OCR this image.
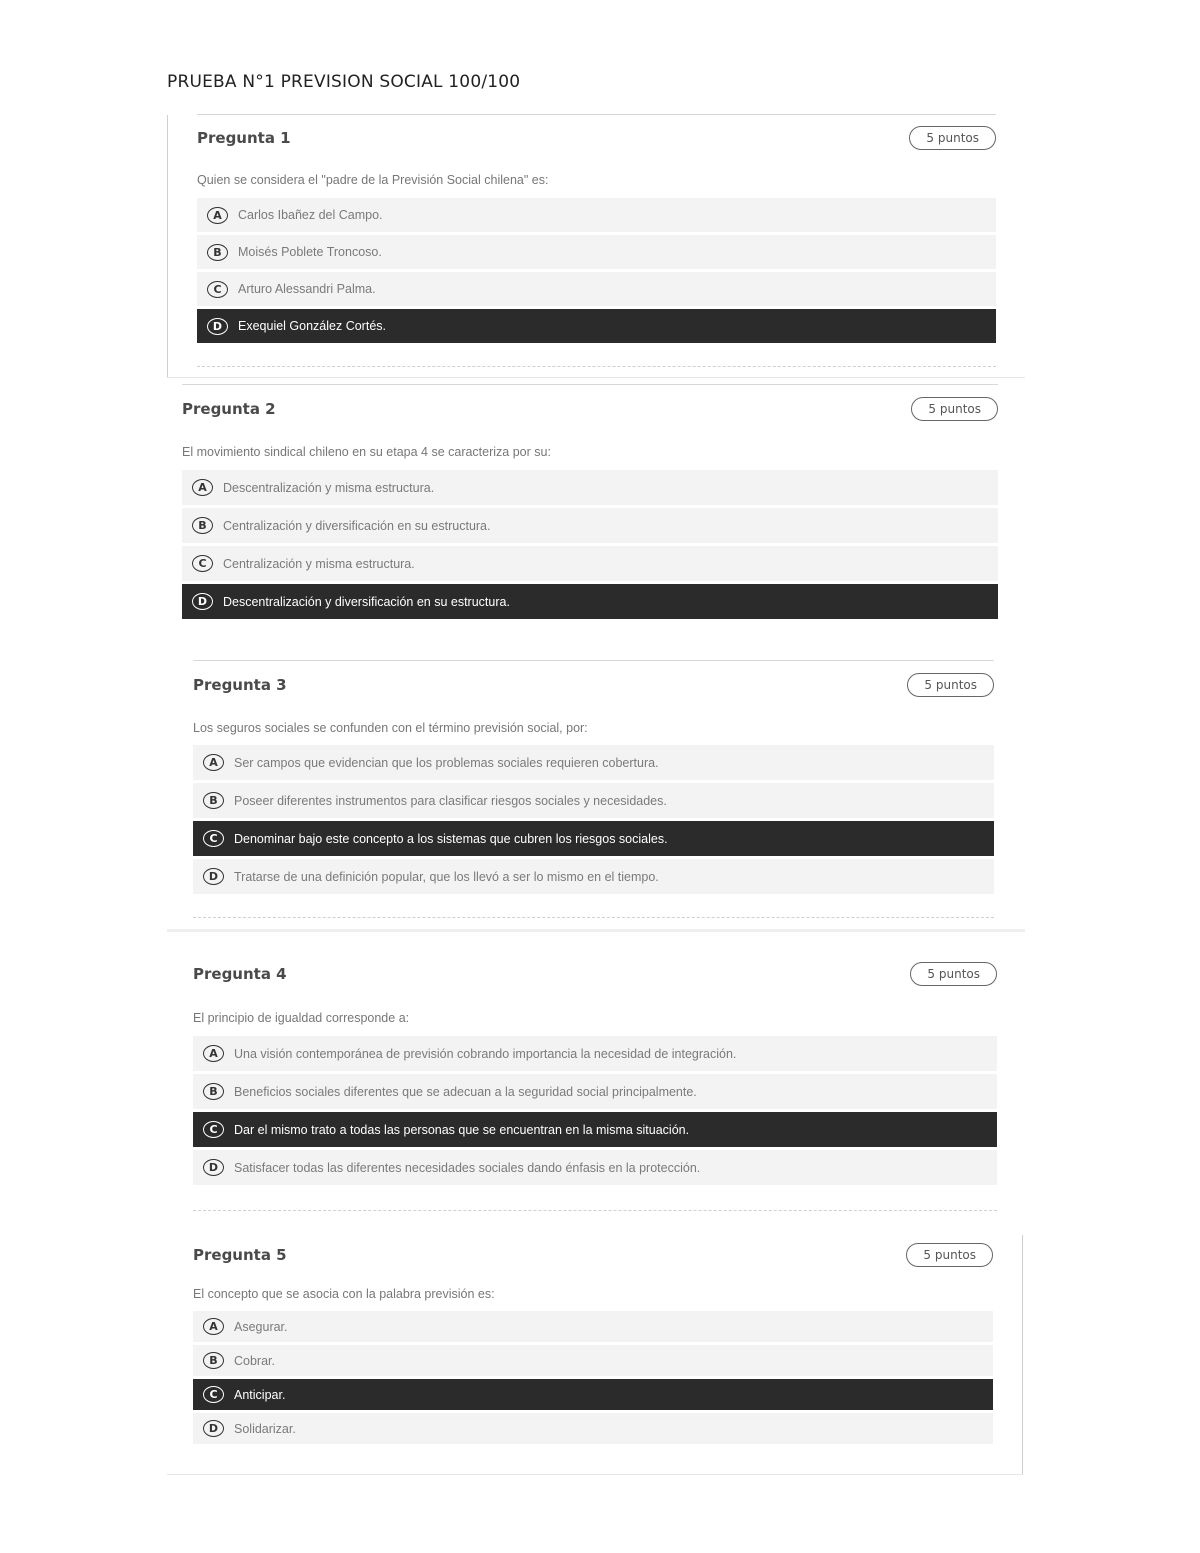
PRUEBA N°1 PREVISION SOCIAL 100/100
Pregunta 1	5 puntos
Quien se considera el "padre de la Previsión Social chilena" es:
A	Carlos Ibañez del Campo.
B	Moisés Poblete Troncoso.
C	Arturo Alessandri Palma.
D	Exequiel González Cortés.
Pregunta 2	5 puntos
El movimiento sindical chileno en su etapa 4 se caracteriza por su:
A	Descentralización y misma estructura.
B	Centralización y diversificación en su estructura.
C	Centralización y misma estructura.
D	Descentralización y diversificación en su estructura.
Pregunta 3	5 puntos
Los seguros sociales se confunden con el término previsión social, por:
A	Ser campos que evidencian que los problemas sociales requieren cobertura.
B	Poseer diferentes instrumentos para clasificar riesgos sociales y necesidades.
C	Denominar bajo este concepto a los sistemas que cubren los riesgos sociales.
D	Tratarse de una definición popular, que los llevó a ser lo mismo en el tiempo.
Pregunta 4	5 puntos
El principio de igualdad corresponde a:
A	Una visión contemporánea de previsión cobrando importancia la necesidad de integración.
B	Beneficios sociales diferentes que se adecuan a la seguridad social principalmente.
C	Dar el mismo trato a todas las personas que se encuentran en la misma situación.
D	Satisfacer todas las diferentes necesidades sociales dando énfasis en la protección.
Pregunta 5	5 puntos
El concepto que se asocia con la palabra previsión es:
A	Asegurar.
B	Cobrar.
C	Anticipar.
D	Solidarizar.
